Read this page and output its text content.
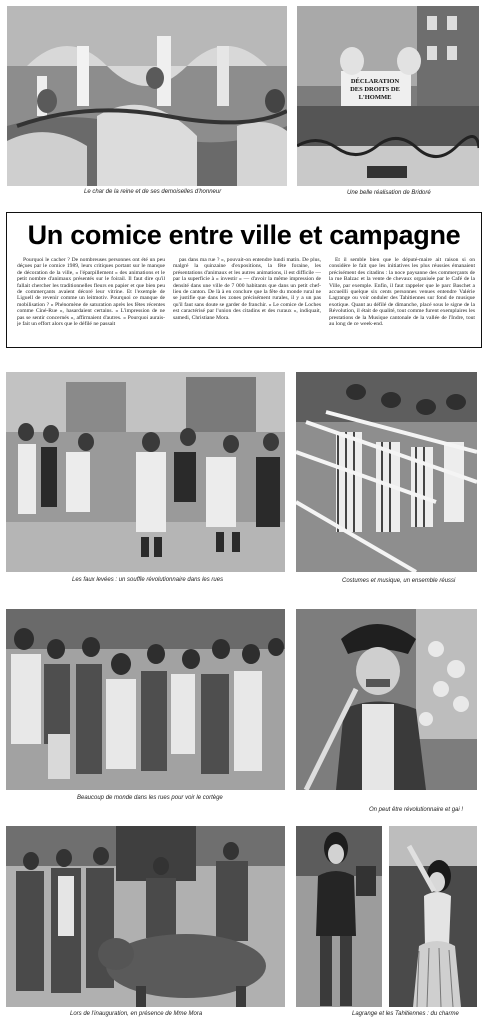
Le char de la reine et de ses demoiselles d'honneur
DÉCLARATION DES DROITS DE L'HOMME
Une belle réalisation de Bridoré
Un comice entre ville et campagne

Pourquoi le cacher ? De nombreuses personnes ont été un peu déçues par le comice 1989, leurs critiques portant sur le manque de décoration de la ville, « l'éparpillement » des animations et le petit nombre d'animaux présentés sur le foirail. Il faut dire qu'il fallait chercher les traditionnelles fleurs en papier et que bien peu de commerçants avaient décoré leur vitrine. Et l'exemple de Liguell de revenir comme un leitmotiv. Pourquoi ce manque de mobilisation ? « Phénomène de saturation après les fêtes récentes comme Ciné-Rue », hasardaient certains. « L'impression de ne pas se sentir concernés », affirmaient d'autres. « Pourquoi aurais-je fait un effort alors que le défilé ne passait

pas dans ma rue ? », pouvait-on entendre lundi matin. De plus, malgré la quinzaine d'expositions, la fête foraine, les présentations d'animaux et les autres animations, il est difficile — par la superficie à « investir » — d'avoir la même impression de densité dans une ville de 7 000 habitants que dans un petit chef-lieu de canton. De là à en conclure que la fête du monde rural ne se justifie que dans les zones précisément rurales, il y a un pas qu'il faut sans doute se garder de franchir. « Le comice de Loches est caractérisé par l'union des citadins et des ruraux », indiquait, samedi, Christiane Mora.

Et il semble bien que le député-maire ait raison si on considère le fait que les initiatives les plus réussies émanaient précisément des citadins : la noce paysanne des commerçants de la rue Balzac et la vente de chevaux organisée par le Café de la Ville, par exemple. Enfin, il faut rappeler que le parc Baschet a accueilli quelque six cents personnes venues entendre Valérie Lagrange ou voir onduler des Tahitiennes sur fond de musique exotique. Quant au défilé de dimanche, placé sous le signe de la Révolution, il était de qualité, tout comme furent exemplaires les prestations de la Musique cantonale de la vallée de l'Indre, tout au long de ce week-end.

Les faux levées : un souffle révolutionnaire dans les rues	Costumes et musique, un ensemble réussi
Beaucoup de monde dans les rues pour voir le cortège
On peut être révolutionnaire et gai !
Lors de l'inauguration, en présence de Mme Mora	Lagrange et les Tahitiennes : du charme
